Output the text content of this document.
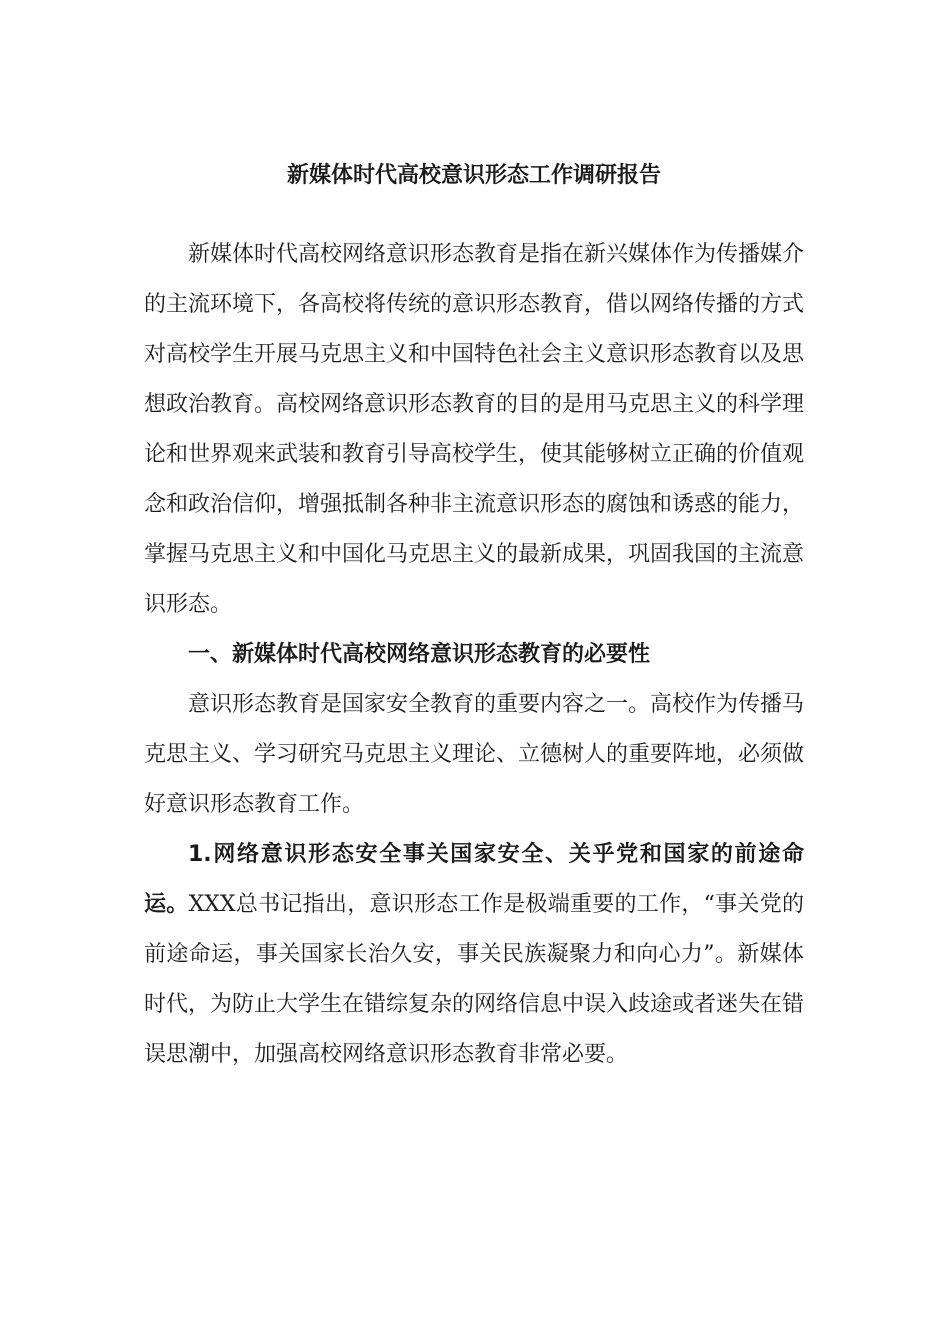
新媒体时代高校意识形态工作调研报告

新媒体时代高校网络意识形态教育是指在新兴媒体作为传播媒介的主流环境下，各高校将传统的意识形态教育，借以网络传播的方式对高校学生开展马克思主义和中国特色社会主义意识形态教育以及思想政治教育。高校网络意识形态教育的目的是用马克思主义的科学理论和世界观来武装和教育引导高校学生，使其能够树立正确的价值观念和政治信仰，增强抵制各种非主流意识形态的腐蚀和诱惑的能力，掌握马克思主义和中国化马克思主义的最新成果，巩固我国的主流意识形态。

一、新媒体时代高校网络意识形态教育的必要性

意识形态教育是国家安全教育的重要内容之一。高校作为传播马克思主义、学习研究马克思主义理论、立德树人的重要阵地，必须做好意识形态教育工作。

1.网络意识形态安全事关国家安全、关乎党和国家的前途命运。XXX总书记指出，意识形态工作是极端重要的工作，“事关党的前途命运，事关国家长治久安，事关民族凝聚力和向心力”。新媒体时代，为防止大学生在错综复杂的网络信息中误入歧途或者迷失在错误思潮中，加强高校网络意识形态教育非常必要。
